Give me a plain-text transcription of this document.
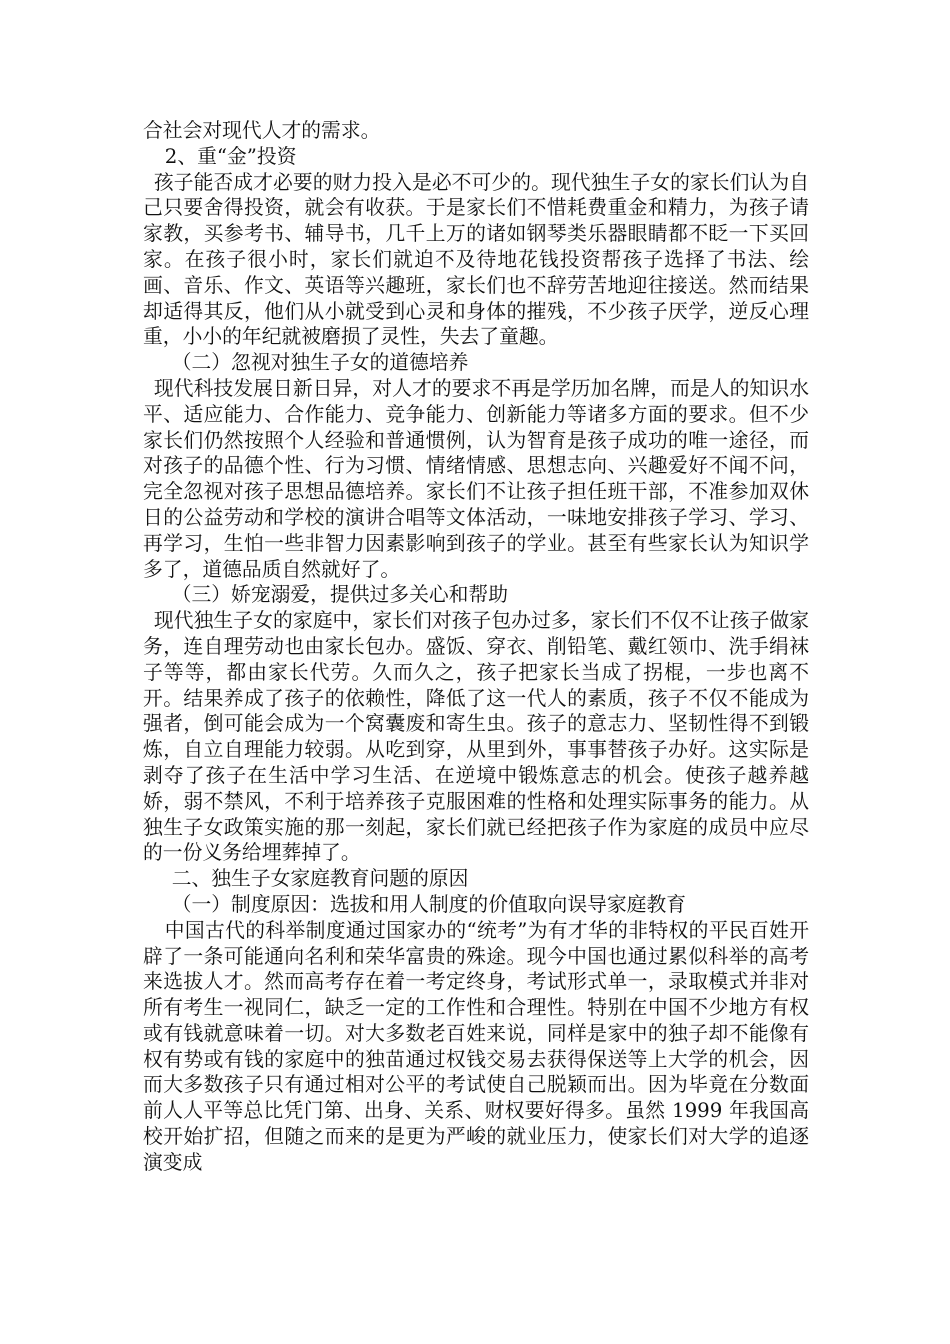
合社会对现代人才的需求。

2、重“金”投资

孩子能否成才必要的财力投入是必不可少的。现代独生子女的家长们认为自己只要舍得投资，就会有收获。于是家长们不惜耗费重金和精力，为孩子请家教，买参考书、辅导书，几千上万的诸如钢琴类乐器眼睛都不眨一下买回家。在孩子很小时，家长们就迫不及待地花钱投资帮孩子选择了书法、绘画、音乐、作文、英语等兴趣班，家长们也不辞劳苦地迎往接送。然而结果却适得其反，他们从小就受到心灵和身体的摧残，不少孩子厌学，逆反心理重，小小的年纪就被磨损了灵性，失去了童趣。

（二）忽视对独生子女的道德培养

现代科技发展日新日异，对人才的要求不再是学历加名牌，而是人的知识水平、适应能力、合作能力、竞争能力、创新能力等诸多方面的要求。但不少家长们仍然按照个人经验和普通惯例，认为智育是孩子成功的唯一途径，而对孩子的品德个性、行为习惯、情绪情感、思想志向、兴趣爱好不闻不问，完全忽视对孩子思想品德培养。家长们不让孩子担任班干部，不准参加双休日的公益劳动和学校的演讲合唱等文体活动，一味地安排孩子学习、学习、再学习，生怕一些非智力因素影响到孩子的学业。甚至有些家长认为知识学多了，道德品质自然就好了。

（三）娇宠溺爱，提供过多关心和帮助

现代独生子女的家庭中，家长们对孩子包办过多，家长们不仅不让孩子做家务，连自理劳动也由家长包办。盛饭、穿衣、削铅笔、戴红领巾、洗手绢袜子等等，都由家长代劳。久而久之，孩子把家长当成了拐棍，一步也离不开。结果养成了孩子的依赖性，降低了这一代人的素质，孩子不仅不能成为强者，倒可能会成为一个窝囊废和寄生虫。孩子的意志力、坚韧性得不到锻炼，自立自理能力较弱。从吃到穿，从里到外，事事替孩子办好。这实际是剥夺了孩子在生活中学习生活、在逆境中锻炼意志的机会。使孩子越养越娇，弱不禁风，不利于培养孩子克服困难的性格和处理实际事务的能力。从独生子女政策实施的那一刻起，家长们就已经把孩子作为家庭的成员中应尽的一份义务给埋葬掉了。

二、独生子女家庭教育问题的原因

（一）制度原因：选拔和用人制度的价值取向误导家庭教育

中国古代的科举制度通过国家办的“统考”为有才华的非特权的平民百姓开辟了一条可能通向名利和荣华富贵的殊途。现今中国也通过累似科举的高考来选拔人才。然而高考存在着一考定终身，考试形式单一，录取模式并非对所有考生一视同仁，缺乏一定的工作性和合理性。特别在中国不少地方有权或有钱就意味着一切。对大多数老百姓来说，同样是家中的独子却不能像有权有势或有钱的家庭中的独苗通过权钱交易去获得保送等上大学的机会，因而大多数孩子只有通过相对公平的考试使自己脱颖而出。因为毕竟在分数面前人人平等总比凭门第、出身、关系、财权要好得多。虽然 1999 年我国高校开始扩招，但随之而来的是更为严峻的就业压力，使家长们对大学的追逐演变成
